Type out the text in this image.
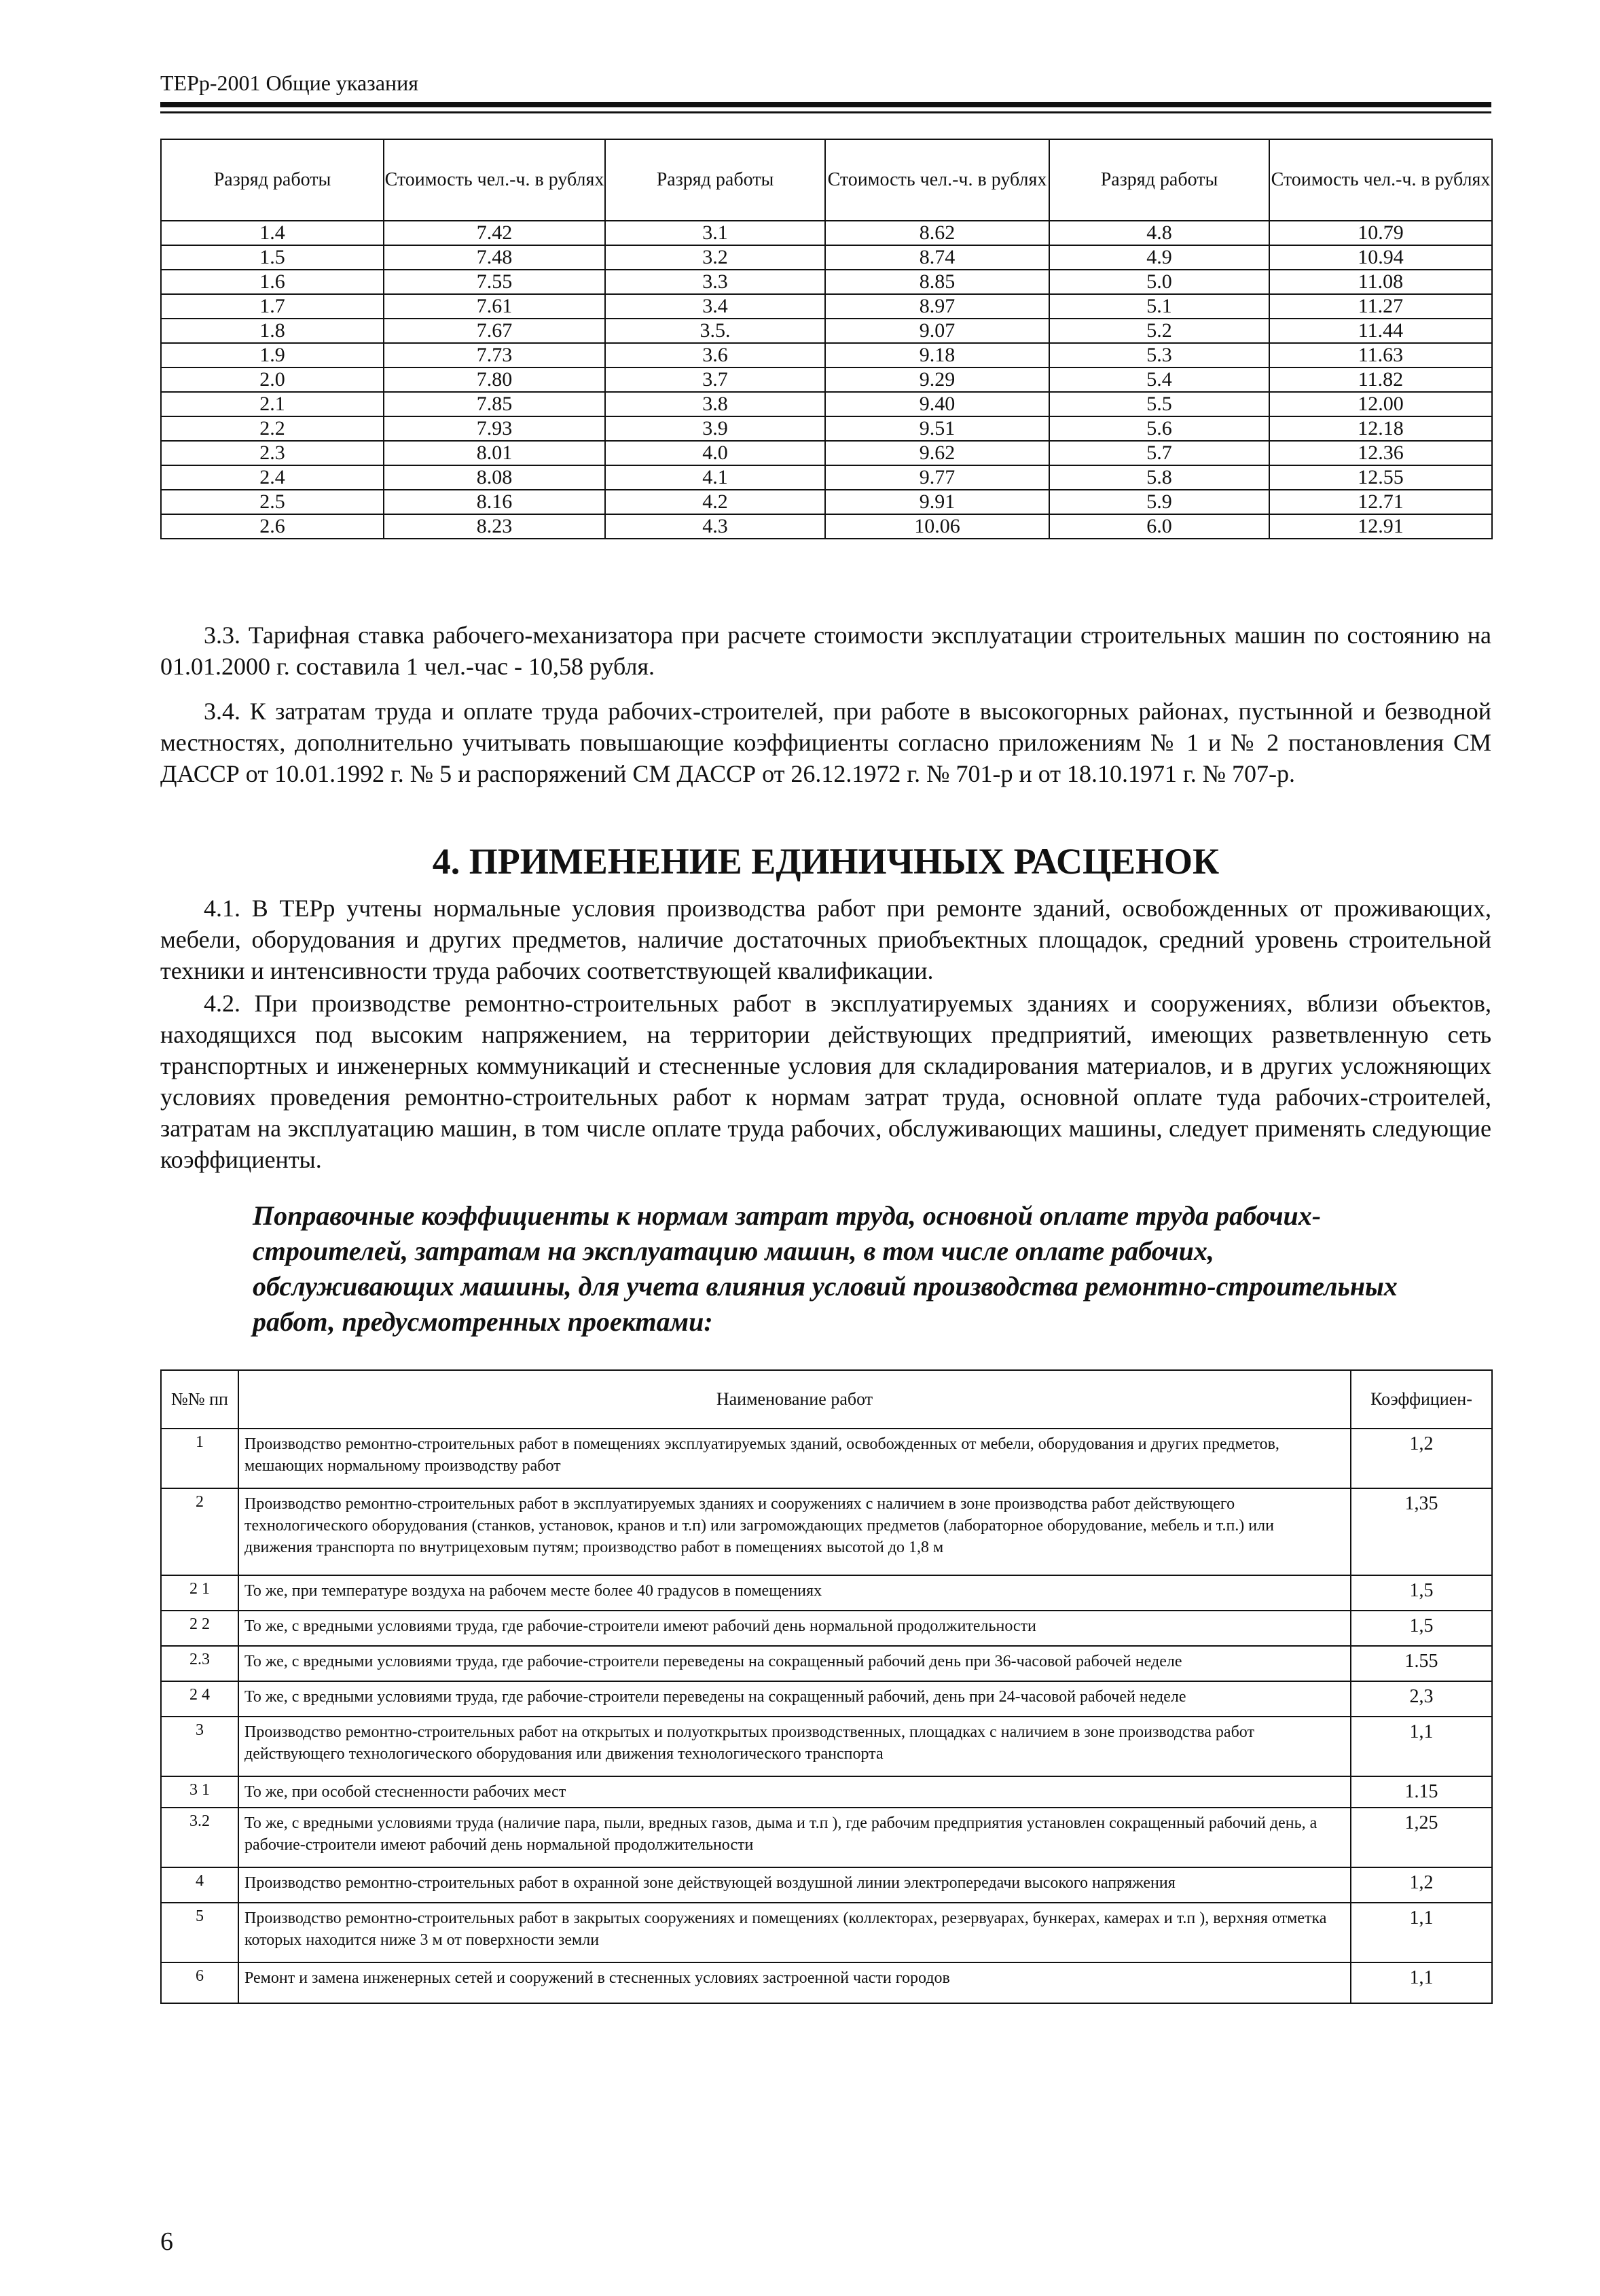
ТЕРр-2001 Общие указания
Разряд работы	Стоимость чел.-ч. в рублях	Разряд работы	Стоимость чел.-ч. в рублях	Разряд работы	Стоимость чел.-ч. в рублях
1.4	7.42	3.1	8.62	4.8	10.79
1.5	7.48	3.2	8.74	4.9	10.94
1.6	7.55	3.3	8.85	5.0	11.08
1.7	7.61	3.4	8.97	5.1	11.27
1.8	7.67	3.5.	9.07	5.2	11.44
1.9	7.73	3.6	9.18	5.3	11.63
2.0	7.80	3.7	9.29	5.4	11.82
2.1	7.85	3.8	9.40	5.5	12.00
2.2	7.93	3.9	9.51	5.6	12.18
2.3	8.01	4.0	9.62	5.7	12.36
2.4	8.08	4.1	9.77	5.8	12.55
2.5	8.16	4.2	9.91	5.9	12.71
2.6	8.23	4.3	10.06	6.0	12.91
3.3. Тарифная ставка рабочего-механизатора при расчете стоимости эксплуатации строительных машин по состоянию на 01.01.2000 г. составила 1 чел.-час - 10,58 рубля.
3.4. К затратам труда и оплате труда рабочих-строителей, при работе в высокогорных районах, пустынной и безводной местностях, дополнительно учитывать повышающие коэффициенты согласно приложениям № 1 и № 2 постановления СМ ДАССР от 10.01.1992 г. № 5 и распоряжений СМ ДАССР от 26.12.1972 г. № 701-р и от 18.10.1971 г. № 707-р.
4. ПРИМЕНЕНИЕ ЕДИНИЧНЫХ РАСЦЕНОК
4.1. В ТЕРр учтены нормальные условия производства работ при ремонте зданий, освобожденных от проживающих, мебели, оборудования и других предметов, наличие достаточных приобъектных площадок, средний уровень строительной техники и интенсивности труда рабочих соответствующей квалификации.
4.2. При производстве ремонтно-строительных работ в эксплуатируемых зданиях и сооружениях, вблизи объектов, находящихся под высоким напряжением, на территории действующих предприятий, имеющих разветвленную сеть транспортных и инженерных коммуникаций и стесненные условия для складирования материалов, и в других усложняющих условиях проведения ремонтно-строительных работ к нормам затрат труда, основной оплате туда рабочих-строителей, затратам на эксплуатацию машин, в том числе оплате труда рабочих, обслуживающих машины, следует применять следующие коэффициенты.
Поправочные коэффициенты к нормам затрат труда, основной оплате труда рабочих-строителей, затратам на эксплуатацию машин, в том числе оплате рабочих, обслуживающих машины, для учета влияния условий производства ремонтно-строительных работ, предусмотренных проектами:
№№ пп	Наименование работ	Коэффициен-
1	Производство ремонтно-строительных работ в помещениях эксплуатируемых зданий, освобожденных от мебели, оборудования и других предметов, мешающих нормальному производству работ	1,2
2	Производство ремонтно-строительных работ в эксплуатируемых зданиях и сооружениях с наличием в зоне производства работ действующего технологического оборудования (станков, установок, кранов и т.п) или загромождающих предметов (лабораторное оборудование, мебель и т.п.) или движения транспорта по внутрицеховым путям; производство работ в помещениях высотой до 1,8 м	1,35
2 1	То же, при температуре воздуха на рабочем месте более 40 градусов в помещениях	1,5
2 2	То же, с вредными условиями труда, где рабочие-строители имеют рабочий день нормальной продолжительности	1,5
2.3	То же, с вредными условиями труда, где рабочие-строители переведены на сокращенный рабочий день при 36-часовой рабочей неделе	1.55
2 4	То же, с вредными условиями труда, где рабочие-строители переведены на сокращенный рабочий, день при 24-часовой рабочей неделе	2,3
3	Производство ремонтно-строительных работ на открытых и полуоткрытых производственных, площадках с наличием в зоне производства работ действующего технологического оборудования или движения технологического транспорта	1,1
3 1	То же, при особой стесненности рабочих мест	1.15
3.2	То же, с вредными условиями труда (наличие пара, пыли, вредных газов, дыма и т.п ), где рабочим предприятия установлен сокращенный рабочий день, а рабочие-строители имеют рабочий день нормальной продолжительности	1,25
4	Производство ремонтно-строительных работ в охранной зоне действующей воздушной линии электропередачи высокого напряжения	1,2
5	Производство ремонтно-строительных работ в закрытых сооружениях и помещениях (коллекторах, резервуарах, бункерах, камерах и т.п ), верхняя отметка которых находится ниже 3 м от поверхности земли	1,1
6	Ремонт и замена инженерных сетей и сооружений в стесненных условиях застроенной части городов	1,1
6
